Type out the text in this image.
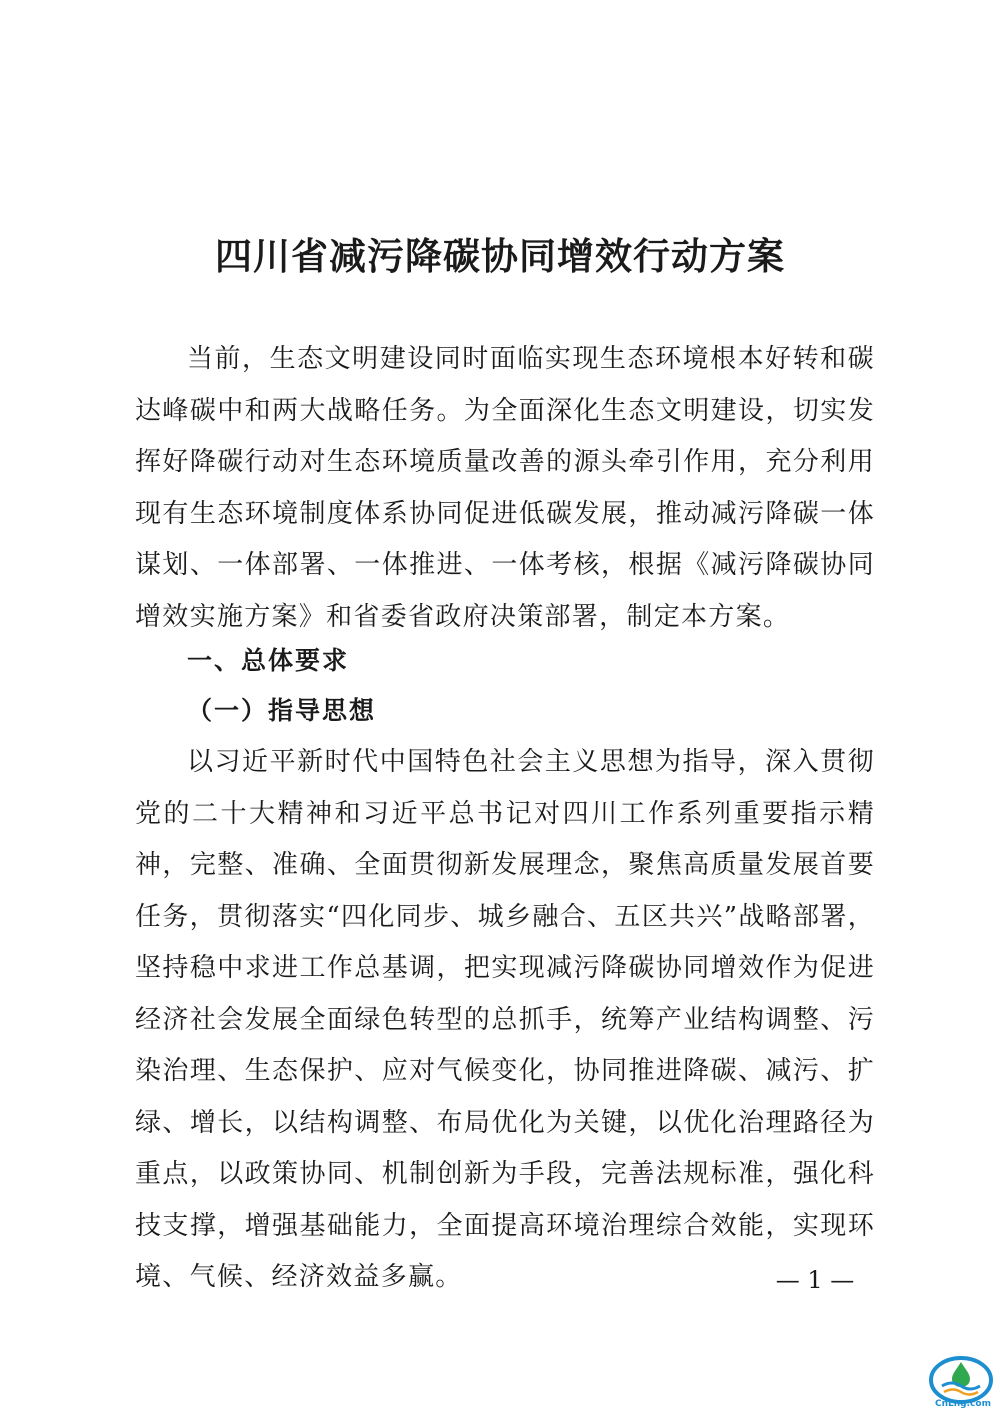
四川省减污降碳协同增效行动方案

当前，生态文明建设同时面临实现生态环境根本好转和碳达峰碳中和两大战略任务。为全面深化生态文明建设，切实发挥好降碳行动对生态环境质量改善的源头牵引作用，充分利用现有生态环境制度体系协同促进低碳发展，推动减污降碳一体谋划、一体部署、一体推进、一体考核，根据《减污降碳协同增效实施方案》和省委省政府决策部署，制定本方案。

一、总体要求

（一）指导思想

以习近平新时代中国特色社会主义思想为指导，深入贯彻党的二十大精神和习近平总书记对四川工作系列重要指示精神，完整、准确、全面贯彻新发展理念，聚焦高质量发展首要任务，贯彻落实“四化同步、城乡融合、五区共兴”战略部署，坚持稳中求进工作总基调，把实现减污降碳协同增效作为促进经济社会发展全面绿色转型的总抓手，统筹产业结构调整、污染治理、生态保护、应对气候变化，协同推进降碳、减污、扩绿、增长，以结构调整、布局优化为关键，以优化治理路径为重点，以政策协同、机制创新为手段，完善法规标准，强化科技支撑，增强基础能力，全面提高环境治理综合效能，实现环境、气候、经济效益多赢。	— 1 —
CnLng.com
